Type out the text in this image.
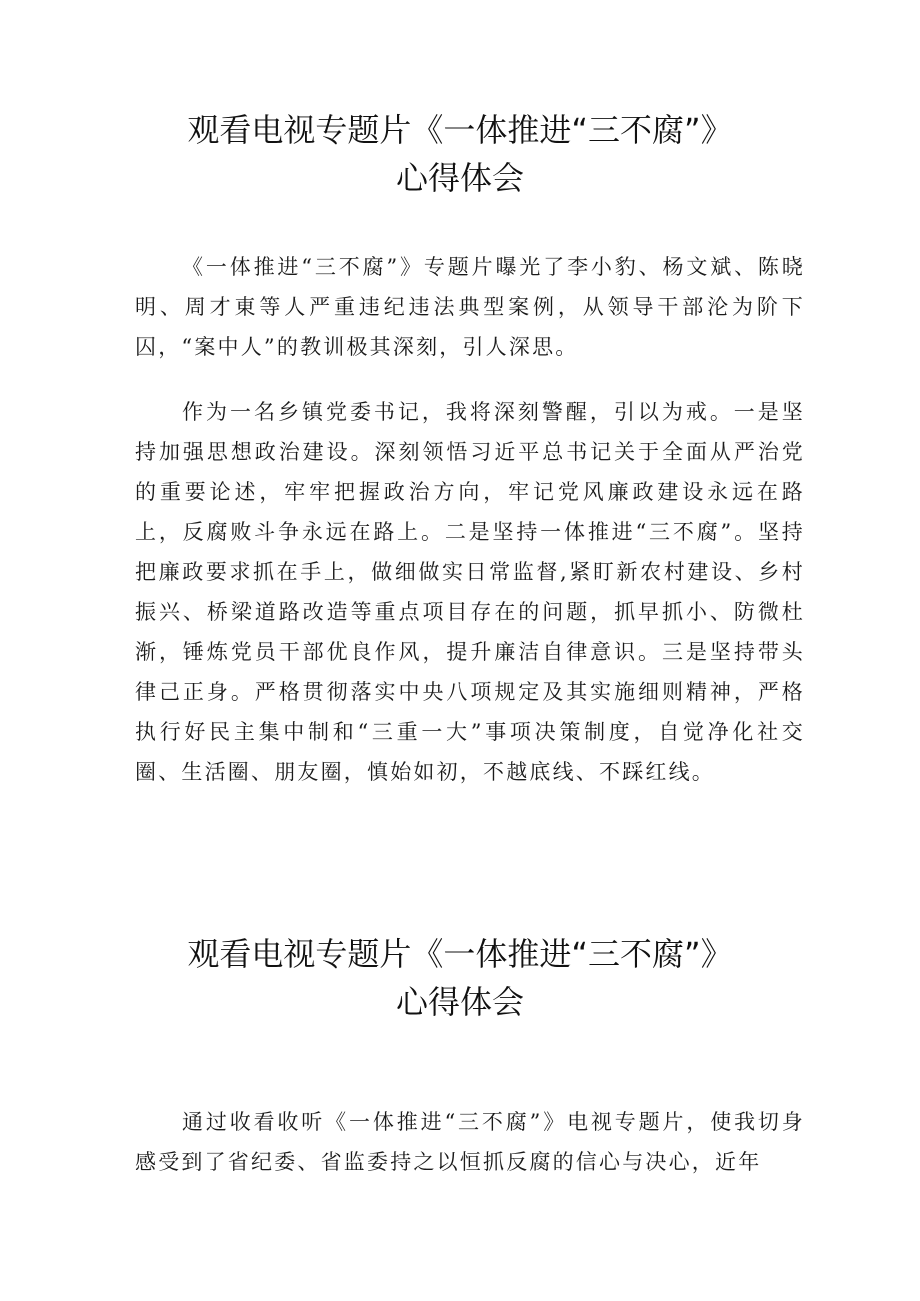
观看电视专题片《一体推进“三不腐”》
心得体会

《一体推进“三不腐”》专题片曝光了李小豹、杨文斌、陈晓明、周才東等人严重违纪违法典型案例，从领导干部沦为阶下囚，“案中人”的教训极其深刻，引人深思。

作为一名乡镇党委书记，我将深刻警醒，引以为戒。一是坚持加强思想政治建设。深刻领悟习近平总书记关于全面从严治党的重要论述，牢牢把握政治方向，牢记党风廉政建设永远在路上，反腐败斗争永远在路上。二是坚持一体推进“三不腐”。坚持把廉政要求抓在手上，做细做实日常监督,紧盯新农村建设、乡村振兴、桥梁道路改造等重点项目存在的问题，抓早抓小、防微杜渐，锤炼党员干部优良作风，提升廉洁自律意识。三是坚持带头律己正身。严格贯彻落实中央八项规定及其实施细则精神，严格执行好民主集中制和“三重一大”事项决策制度，自觉净化社交圈、生活圈、朋友圈，慎始如初，不越底线、不踩红线。

观看电视专题片《一体推进“三不腐”》
心得体会

通过收看收听《一体推进“三不腐”》电视专题片，使我切身感受到了省纪委、省监委持之以恒抓反腐的信心与决心，近年
